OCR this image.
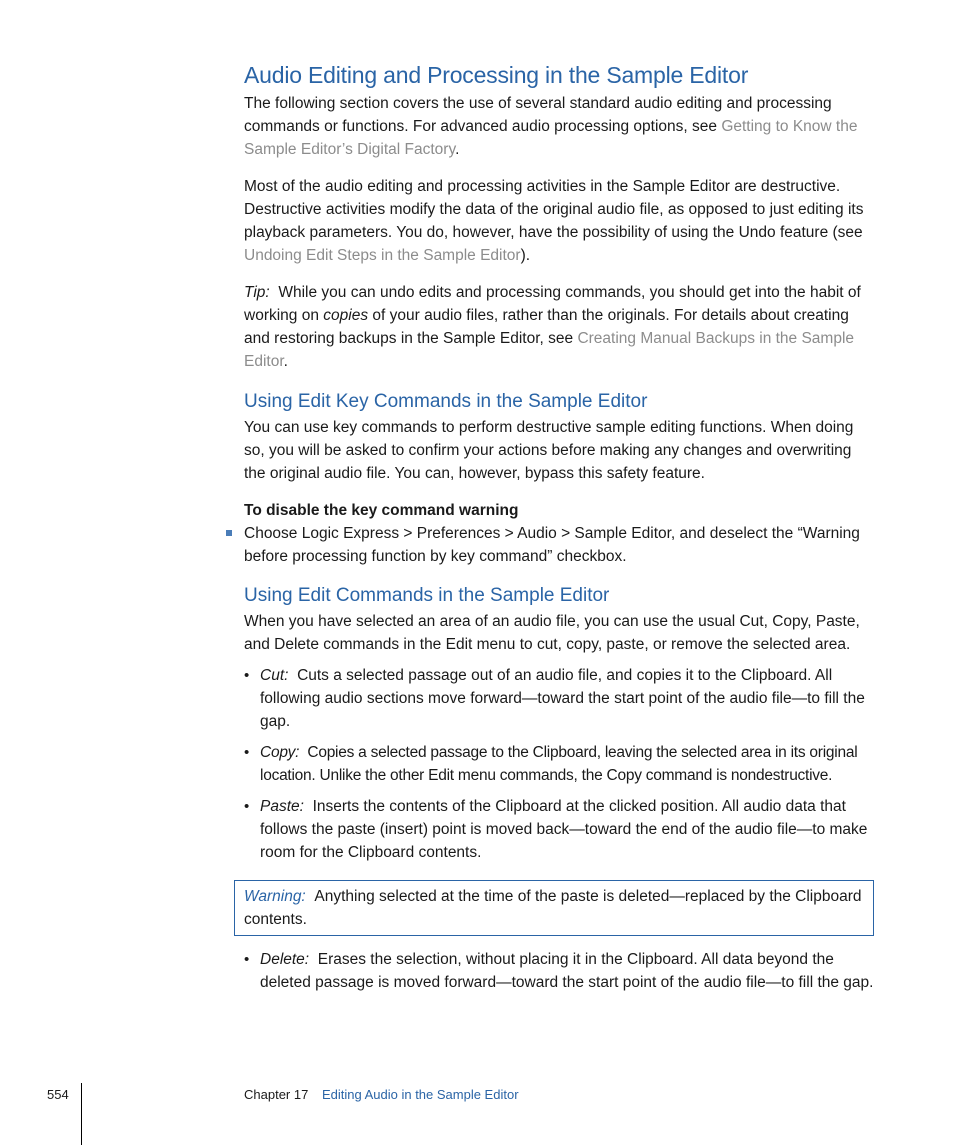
Audio Editing and Processing in the Sample Editor

The following section covers the use of several standard audio editing and processing commands or functions. For advanced audio processing options, see Getting to Know the Sample Editor’s Digital Factory.

Most of the audio editing and processing activities in the Sample Editor are destructive. Destructive activities modify the data of the original audio file, as opposed to just editing its playback parameters. You do, however, have the possibility of using the Undo feature (see Undoing Edit Steps in the Sample Editor).

Tip: While you can undo edits and processing commands, you should get into the habit of working on copies of your audio files, rather than the originals. For details about creating and restoring backups in the Sample Editor, see Creating Manual Backups in the Sample Editor.

Using Edit Key Commands in the Sample Editor

You can use key commands to perform destructive sample editing functions. When doing so, you will be asked to confirm your actions before making any changes and overwriting the original audio file. You can, however, bypass this safety feature.

To disable the key command warning

Choose Logic Express > Preferences > Audio > Sample Editor, and deselect the “Warning before processing function by key command” checkbox.

Using Edit Commands in the Sample Editor

When you have selected an area of an audio file, you can use the usual Cut, Copy, Paste, and Delete commands in the Edit menu to cut, copy, paste, or remove the selected area.

• Cut: Cuts a selected passage out of an audio file, and copies it to the Clipboard. All following audio sections move forward—toward the start point of the audio file—to fill the gap.

• Copy: Copies a selected passage to the Clipboard, leaving the selected area in its original location. Unlike the other Edit menu commands, the Copy command is nondestructive.

• Paste: Inserts the contents of the Clipboard at the clicked position. All audio data that follows the paste (insert) point is moved back—toward the end of the audio file—to make room for the Clipboard contents.

Warning: Anything selected at the time of the paste is deleted—replaced by the Clipboard contents.

• Delete: Erases the selection, without placing it in the Clipboard. All data beyond the deleted passage is moved forward—toward the start point of the audio file—to fill the gap.

554	Chapter 17 Editing Audio in the Sample Editor
